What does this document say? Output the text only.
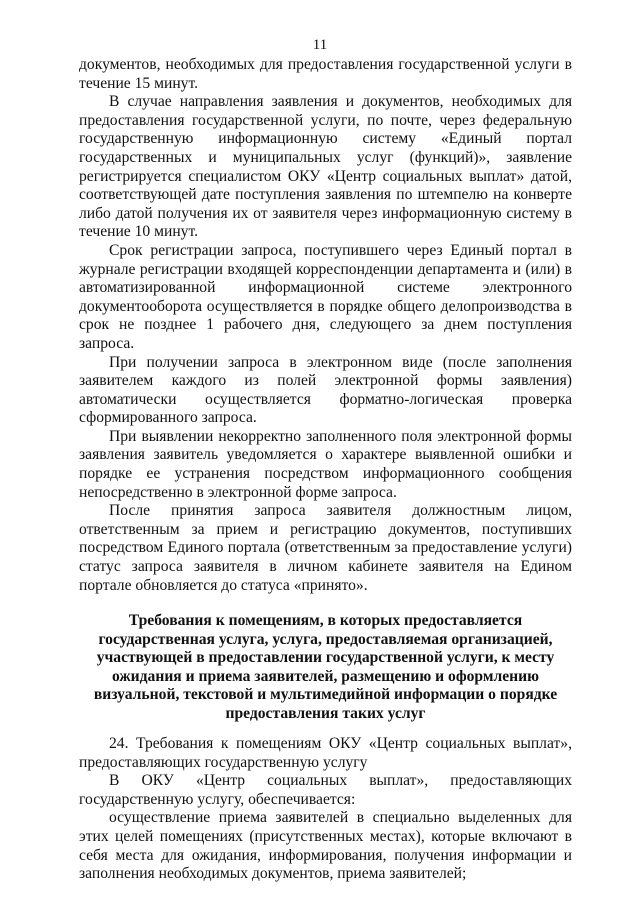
11

документов, необходимых для предоставления государственной услуги в течение 15 минут.

В случае направления заявления и документов, необходимых для предоставления государственной услуги, по почте, через федеральную государственную информационную систему «Единый портал государственных и муниципальных услуг (функций)», заявление регистрируется специалистом ОКУ «Центр социальных выплат» датой, соответствующей дате поступления заявления по штемпелю на конверте либо датой получения их от заявителя через информационную систему в течение 10 минут.

Срок регистрации запроса, поступившего через Единый портал в журнале регистрации входящей корреспонденции департамента и (или) в автоматизированной информационной системе электронного документооборота осуществляется в порядке общего делопроизводства в срок не позднее 1 рабочего дня, следующего за днем поступления запроса.

При получении запроса в электронном виде (после заполнения заявителем каждого из полей электронной формы заявления) автоматически осуществляется форматно-логическая проверка сформированного запроса.

При выявлении некорректно заполненного поля электронной формы заявления заявитель уведомляется о характере выявленной ошибки и порядке ее устранения посредством информационного сообщения непосредственно в электронной форме запроса.

После принятия запроса заявителя должностным лицом, ответственным за прием и регистрацию документов, поступивших посредством Единого портала (ответственным за предоставление услуги) статус запроса заявителя в личном кабинете заявителя на Едином портале обновляется до статуса «принято».

Требования к помещениям, в которых предоставляется государственная услуга, услуга, предоставляемая организацией, участвующей в предоставлении государственной услуги, к месту ожидания и приема заявителей, размещению и оформлению визуальной, текстовой и мультимедийной информации о порядке предоставления таких услуг

24. Требования к помещениям ОКУ «Центр социальных выплат», предоставляющих государственную услугу

В ОКУ «Центр социальных выплат», предоставляющих государственную услугу, обеспечивается:

осуществление приема заявителей в специально выделенных для этих целей помещениях (присутственных местах), которые включают в себя места для ожидания, информирования, получения информации и заполнения необходимых документов, приема заявителей;
